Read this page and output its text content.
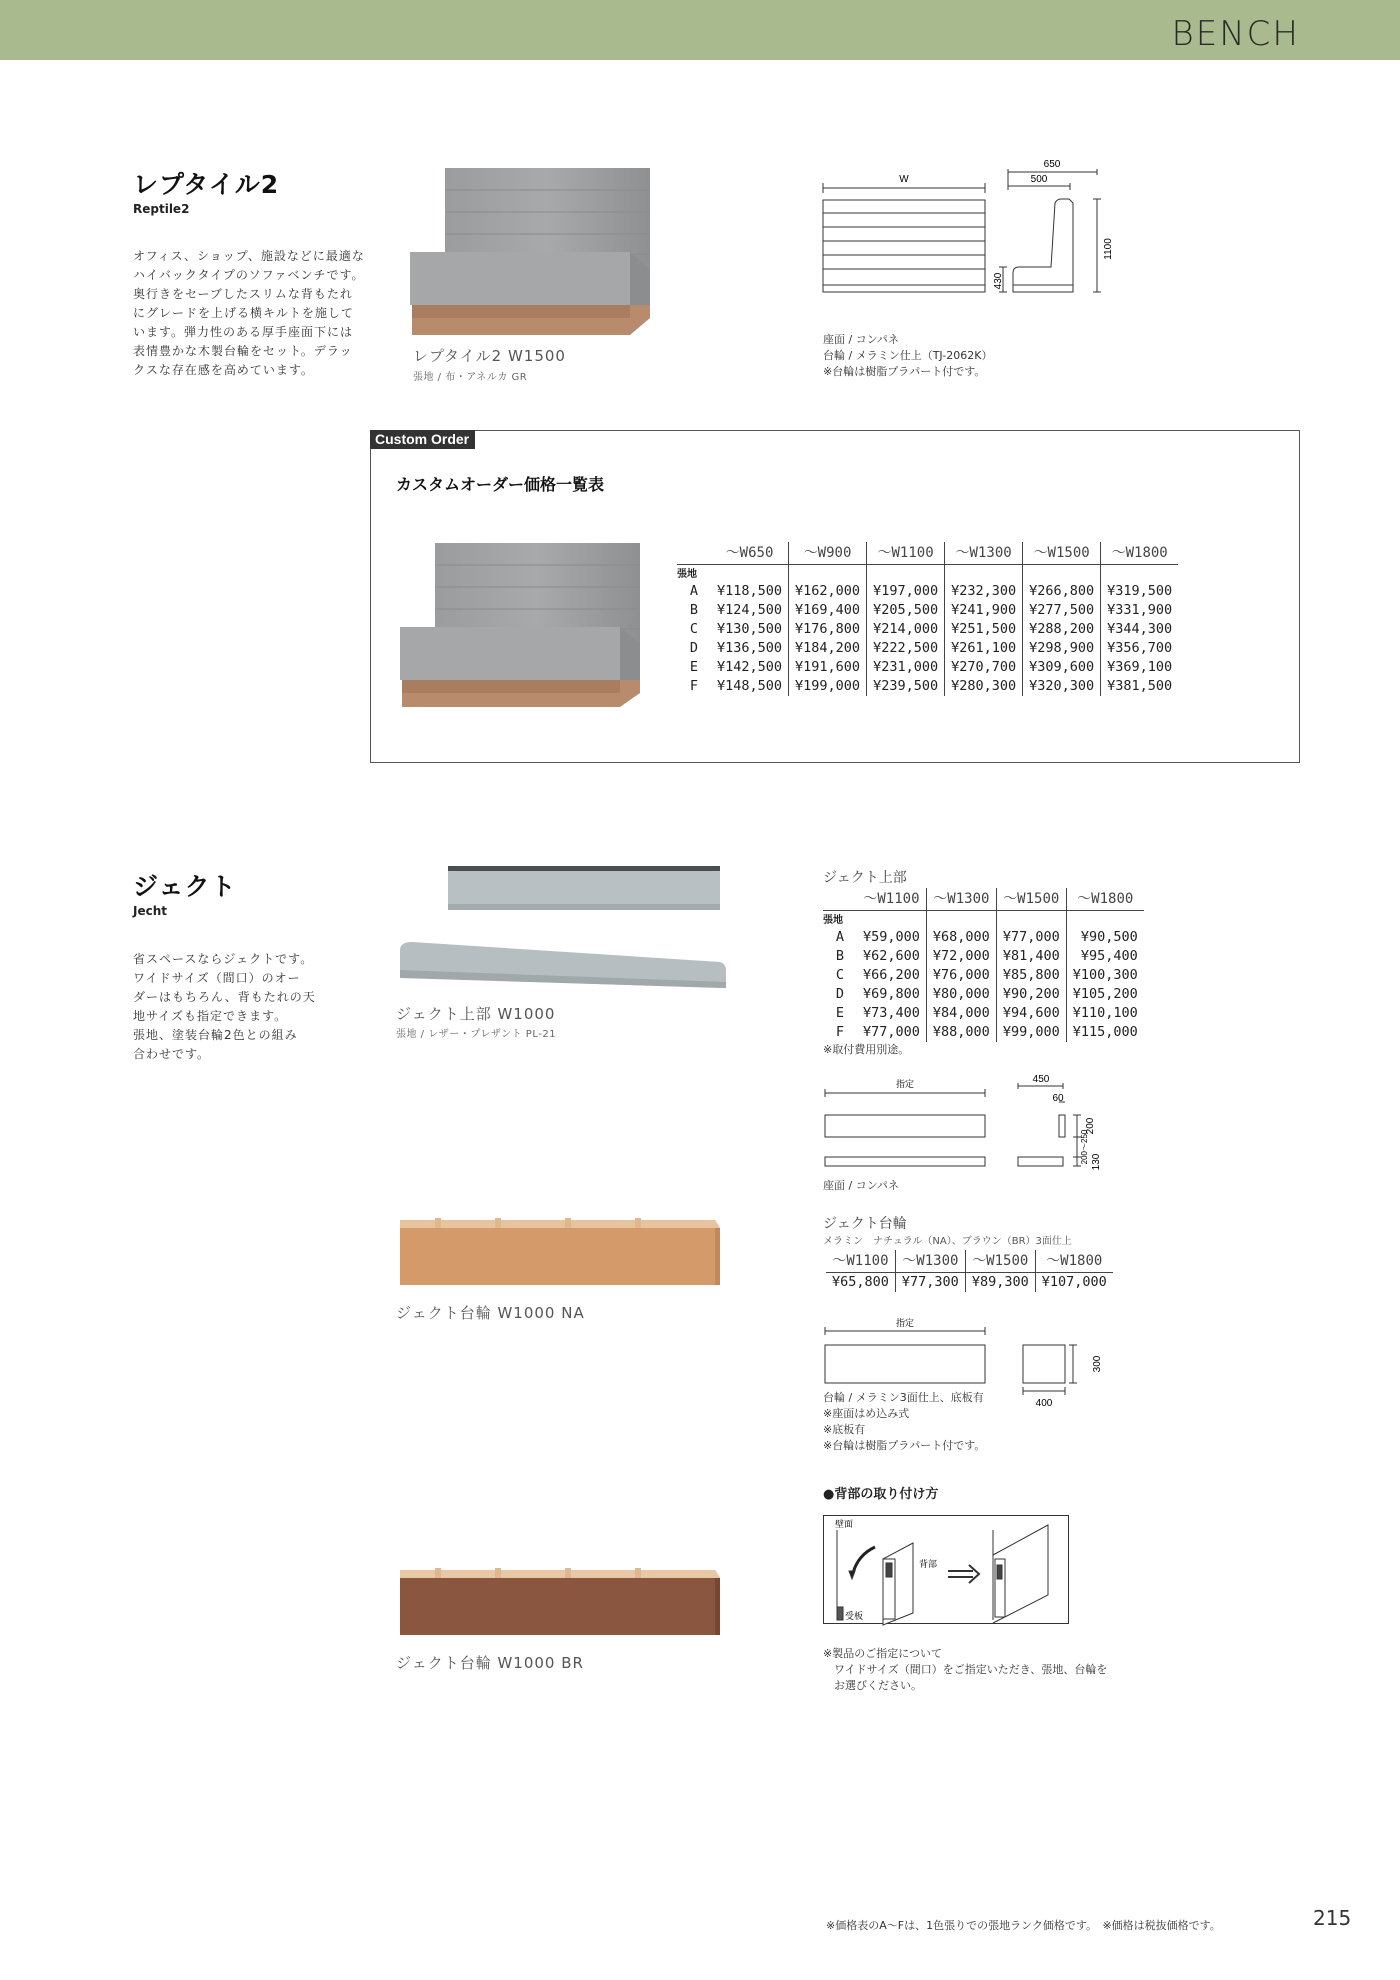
BENCH
レプタイル2
Reptile2
オフィス、ショップ、施設などに最適な
ハイバックタイプのソファベンチです。
奥行きをセーブしたスリムな背もたれ
にグレードを上げる横キルトを施して
います。弾力性のある厚手座面下には
表情豊かな木製台輪をセット。デラッ
クスな存在感を高めています。
レプタイル2 W1500
張地 / 布・アネルカ GR
W
650
500
1100
430
座面 / コンパネ
台輪 / メラミン仕上（TJ-2062K）
※台輪は樹脂プラパート付です。
Custom Order
カスタムオーダー価格一覧表
	～W650	～W900	～W1100	～W1300	～W1500	～W1800
張地						
A	¥118,500	¥162,000	¥197,000	¥232,300	¥266,800	¥319,500
B	¥124,500	¥169,400	¥205,500	¥241,900	¥277,500	¥331,900
C	¥130,500	¥176,800	¥214,000	¥251,500	¥288,200	¥344,300
D	¥136,500	¥184,200	¥222,500	¥261,100	¥298,900	¥356,700
E	¥142,500	¥191,600	¥231,000	¥270,700	¥309,600	¥369,100
F	¥148,500	¥199,000	¥239,500	¥280,300	¥320,300	¥381,500
ジェクト
Jecht
省スペースならジェクトです。
ワイドサイズ（間口）のオー
ダーはもちろん、背もたれの天
地サイズも指定できます。
張地、塗装台輪2色との組み
合わせです。
ジェクト上部 W1000
張地 / レザー・プレザント PL-21
ジェクト台輪 W1000 NA
ジェクト台輪 W1000 BR
ジェクト上部
	～W1100	～W1300	～W1500	～W1800
張地				
A	¥59,000	¥68,000	¥77,000	¥90,500
B	¥62,600	¥72,000	¥81,400	¥95,400
C	¥66,200	¥76,000	¥85,800	¥100,300
D	¥69,800	¥80,000	¥90,200	¥105,200
E	¥73,400	¥84,000	¥94,600	¥110,100
F	¥77,000	¥88,000	¥99,000	¥115,000
※取付費用別途。
指定	450
60
200
200〜250 130
座面 / コンパネ
ジェクト台輪
メラミン　ナチュラル（NA）、ブラウン（BR）3面仕上
～W1100	～W1300	～W1500	～W1800
¥65,800	¥77,300	¥89,300	¥107,000
指定
300
400
台輪 / メラミン3面仕上、底板有
※座面はめ込み式
※底板有
※台輪は樹脂プラパート付です。
●背部の取り付け方
壁面
背部
受板
※製品のご指定について
　ワイドサイズ（間口）をご指定いただき、張地、台輪を
　お選びください。
※価格表のA～Fは、1色張りでの張地ランク価格です。　※価格は税抜価格です。	215
